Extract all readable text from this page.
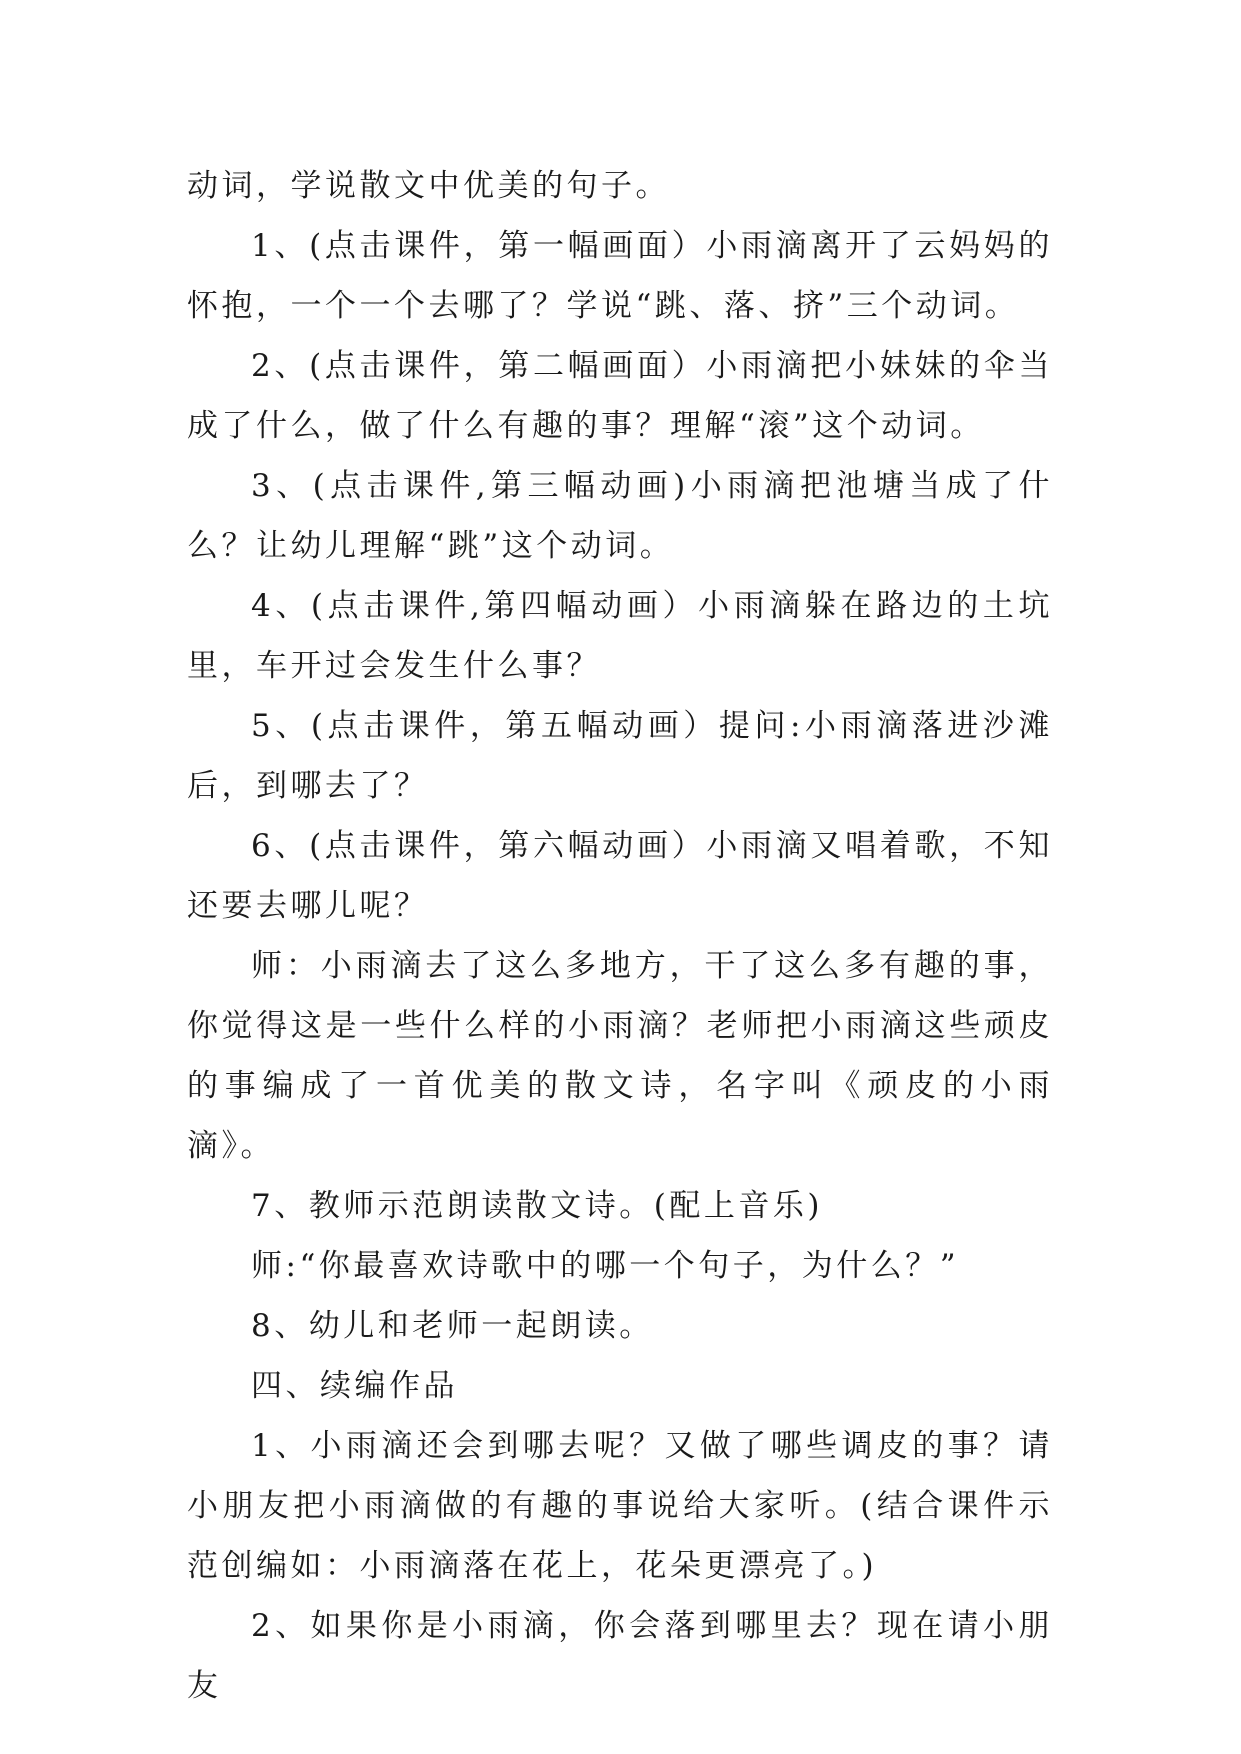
动词，学说散文中优美的句子。

1、(点击课件，第一幅画面）小雨滴离开了云妈妈的怀抱，一个一个去哪了？学说“跳、落、挤”三个动词。

2、(点击课件，第二幅画面）小雨滴把小妹妹的伞当成了什么，做了什么有趣的事？理解“滚”这个动词。

3、(点击课件,第三幅动画)小雨滴把池塘当成了什么？让幼儿理解“跳”这个动词。

4、(点击课件,第四幅动画）小雨滴躲在路边的土坑里，车开过会发生什么事？

5、(点击课件，第五幅动画）提问:小雨滴落进沙滩后，到哪去了？

6、(点击课件，第六幅动画）小雨滴又唱着歌，不知还要去哪儿呢？

师：小雨滴去了这么多地方，干了这么多有趣的事，你觉得这是一些什么样的小雨滴？老师把小雨滴这些顽皮的事编成了一首优美的散文诗，名字叫《顽皮的小雨滴》。

7、教师示范朗读散文诗。(配上音乐)

师:“你最喜欢诗歌中的哪一个句子，为什么？”

8、幼儿和老师一起朗读。

四、续编作品

1、小雨滴还会到哪去呢？又做了哪些调皮的事？请小朋友把小雨滴做的有趣的事说给大家听。(结合课件示范创编如：小雨滴落在花上，花朵更漂亮了。)

2、如果你是小雨滴，你会落到哪里去？现在请小朋友
